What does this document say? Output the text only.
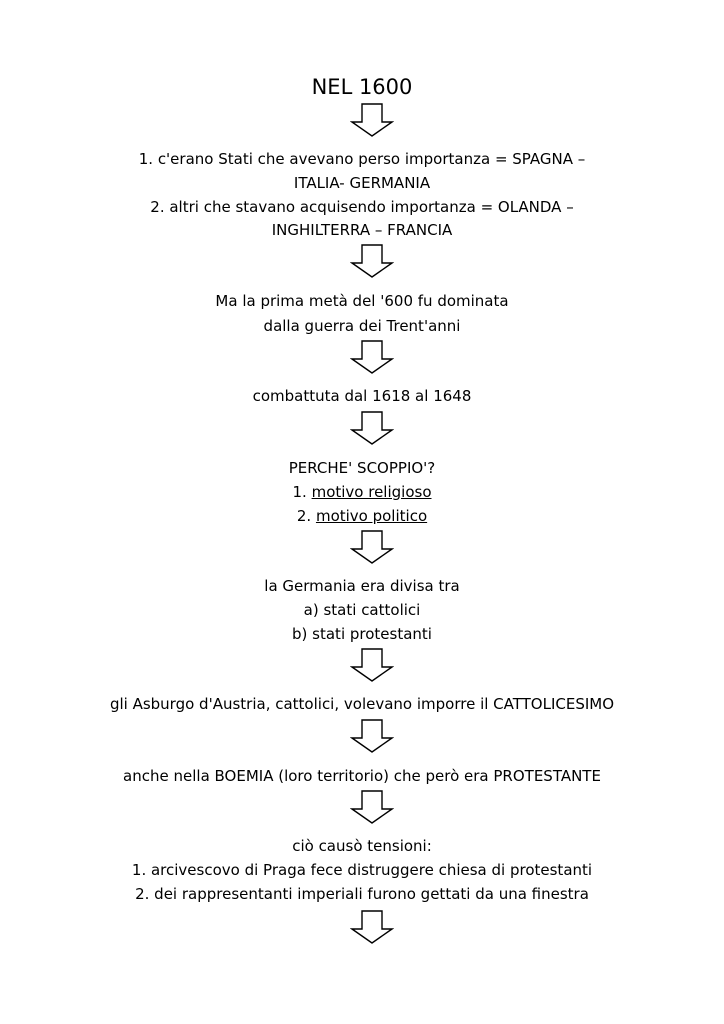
NEL 1600
1. c'erano Stati che avevano perso importanza = SPAGNA –
ITALIA- GERMANIA
2. altri che stavano acquisendo importanza = OLANDA –
INGHILTERRA – FRANCIA
Ma la prima metà del '600 fu dominata
dalla guerra dei Trent'anni
combattuta dal 1618 al 1648
PERCHE' SCOPPIO'?
1. motivo religioso
2. motivo politico
la Germania era divisa tra
a) stati cattolici
b) stati protestanti
gli Asburgo d'Austria, cattolici, volevano imporre il CATTOLICESIMO
anche nella BOEMIA (loro territorio) che però era PROTESTANTE
ciò causò tensioni:
1. arcivescovo di Praga fece distruggere chiesa di protestanti
2. dei rappresentanti imperiali furono gettati da una finestra
